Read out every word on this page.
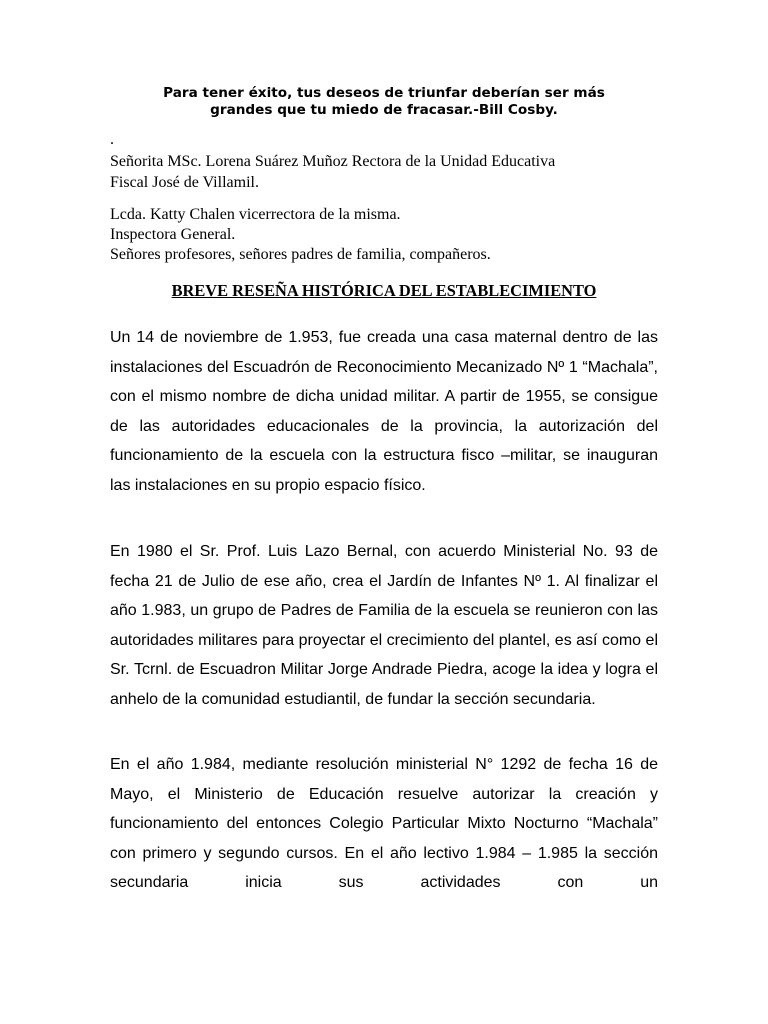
Para tener éxito, tus deseos de triunfar deberían ser más
grandes que tu miedo de fracasar.-Bill Cosby.

.

Señorita MSc. Lorena Suárez Muñoz Rectora de la Unidad Educativa
Fiscal José de Villamil.

Lcda. Katty Chalen vicerrectora de la misma.
Inspectora General.
Señores profesores, señores padres de familia, compañeros.

BREVE RESEÑA HISTÓRICA DEL ESTABLECIMIENTO

Un 14 de noviembre de 1.953, fue creada una casa maternal dentro de las instalaciones del Escuadrón de Reconocimiento Mecanizado Nº 1 “Machala”, con el mismo nombre de dicha unidad militar. A partir de 1955, se consigue de las autoridades educacionales de la provincia, la autorización del funcionamiento de la escuela con la estructura fisco –militar, se inauguran las instalaciones en su propio espacio físico.

En 1980 el Sr. Prof. Luis Lazo Bernal, con acuerdo Ministerial No. 93 de fecha 21 de Julio de ese año, crea el Jardín de Infantes Nº 1. Al finalizar el año 1.983, un grupo de Padres de Familia de la escuela se reunieron con las autoridades militares para proyectar el crecimiento del plantel, es así como el Sr. Tcrnl. de Escuadron Militar Jorge Andrade Piedra, acoge la idea y logra el anhelo de la comunidad estudiantil, de fundar la sección secundaria.

En el año 1.984, mediante resolución ministerial N° 1292 de fecha 16 de Mayo, el Ministerio de Educación resuelve autorizar la creación y funcionamiento del entonces Colegio Particular Mixto Nocturno “Machala” con primero y segundo cursos. En el año lectivo 1.984 – 1.985 la sección secundaria inicia sus actividades con un
